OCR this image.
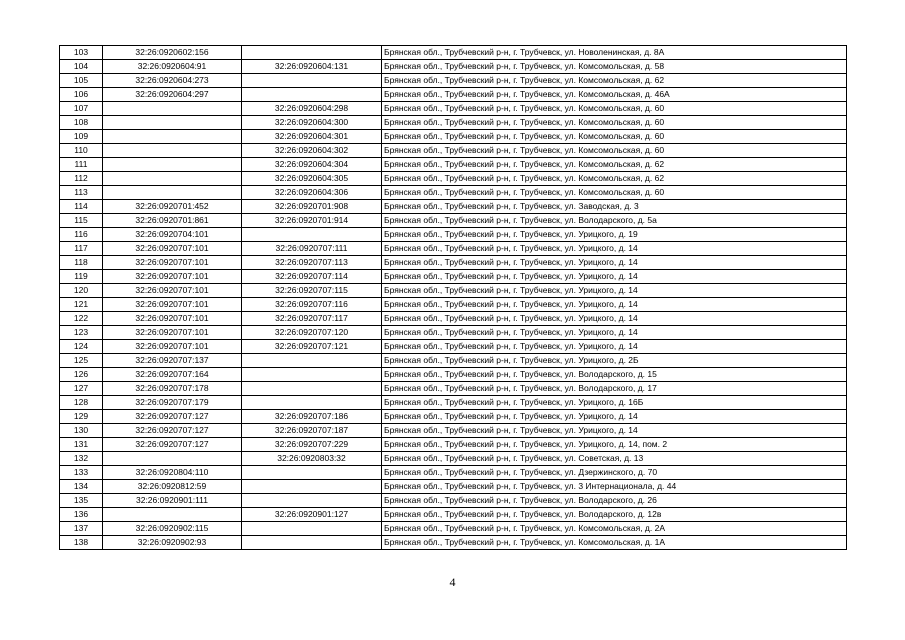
103	32:26:0920602:156		Брянская обл., Трубчевский р-н, г. Трубчевск, ул. Новоленинская, д. 8А
104	32:26:0920604:91	32:26:0920604:131	Брянская обл., Трубчевский р-н, г. Трубчевск, ул. Комсомольская, д. 58
105	32:26:0920604:273		Брянская обл., Трубчевский р-н, г. Трубчевск, ул. Комсомольская, д. 62
106	32:26:0920604:297		Брянская обл., Трубчевский р-н, г. Трубчевск, ул. Комсомольская, д. 46А
107		32:26:0920604:298	Брянская обл., Трубчевский р-н, г. Трубчевск, ул. Комсомольская, д. 60
108		32:26:0920604:300	Брянская обл., Трубчевский р-н, г. Трубчевск, ул. Комсомольская, д. 60
109		32:26:0920604:301	Брянская обл., Трубчевский р-н, г. Трубчевск, ул. Комсомольская, д. 60
110		32:26:0920604:302	Брянская обл., Трубчевский р-н, г. Трубчевск, ул. Комсомольская, д. 60
111		32:26:0920604:304	Брянская обл., Трубчевский р-н, г. Трубчевск, ул. Комсомольская, д. 62
112		32:26:0920604:305	Брянская обл., Трубчевский р-н, г. Трубчевск, ул. Комсомольская, д. 62
113		32:26:0920604:306	Брянская обл., Трубчевский р-н, г. Трубчевск, ул. Комсомольская, д. 60
114	32:26:0920701:452	32:26:0920701:908	Брянская обл., Трубчевский р-н, г. Трубчевск, ул. Заводская, д. 3
115	32:26:0920701:861	32:26:0920701:914	Брянская обл., Трубчевский р-н, г. Трубчевск, ул. Володарского, д. 5а
116	32:26:0920704:101		Брянская обл., Трубчевский р-н, г. Трубчевск, ул. Урицкого, д. 19
117	32:26:0920707:101	32:26:0920707:111	Брянская обл., Трубчевский р-н, г. Трубчевск, ул. Урицкого, д. 14
118	32:26:0920707:101	32:26:0920707:113	Брянская обл., Трубчевский р-н, г. Трубчевск, ул. Урицкого, д. 14
119	32:26:0920707:101	32:26:0920707:114	Брянская обл., Трубчевский р-н, г. Трубчевск, ул. Урицкого, д. 14
120	32:26:0920707:101	32:26:0920707:115	Брянская обл., Трубчевский р-н, г. Трубчевск, ул. Урицкого, д. 14
121	32:26:0920707:101	32:26:0920707:116	Брянская обл., Трубчевский р-н, г. Трубчевск, ул. Урицкого, д. 14
122	32:26:0920707:101	32:26:0920707:117	Брянская обл., Трубчевский р-н, г. Трубчевск, ул. Урицкого, д. 14
123	32:26:0920707:101	32:26:0920707:120	Брянская обл., Трубчевский р-н, г. Трубчевск, ул. Урицкого, д. 14
124	32:26:0920707:101	32:26:0920707:121	Брянская обл., Трубчевский р-н, г. Трубчевск, ул. Урицкого, д. 14
125	32:26:0920707:137		Брянская обл., Трубчевский р-н, г. Трубчевск, ул. Урицкого, д. 2Б
126	32:26:0920707:164		Брянская обл., Трубчевский р-н, г. Трубчевск, ул. Володарского, д. 15
127	32:26:0920707:178		Брянская обл., Трубчевский р-н, г. Трубчевск, ул. Володарского, д. 17
128	32:26:0920707:179		Брянская обл., Трубчевский р-н, г. Трубчевск, ул. Урицкого, д. 16Б
129	32:26:0920707:127	32:26:0920707:186	Брянская обл., Трубчевский р-н, г. Трубчевск, ул. Урицкого, д. 14
130	32:26:0920707:127	32:26:0920707:187	Брянская обл., Трубчевский р-н, г. Трубчевск, ул. Урицкого, д. 14
131	32:26:0920707:127	32:26:0920707:229	Брянская обл., Трубчевский р-н, г. Трубчевск, ул. Урицкого, д. 14, пом. 2
132		32:26:0920803:32	Брянская обл., Трубчевский р-н, г. Трубчевск, ул. Советская, д. 13
133	32:26:0920804:110		Брянская обл., Трубчевский р-н, г. Трубчевск, ул. Дзержинского, д. 70
134	32:26:0920812:59		Брянская обл., Трубчевский р-н, г. Трубчевск, ул. 3 Интернационала, д. 44
135	32:26:0920901:111		Брянская обл., Трубчевский р-н, г. Трубчевск, ул. Володарского, д. 26
136		32:26:0920901:127	Брянская обл., Трубчевский р-н, г. Трубчевск, ул. Володарского, д. 12в
137	32:26:0920902:115		Брянская обл., Трубчевский р-н, г. Трубчевск, ул. Комсомольская, д. 2А
138	32:26:0920902:93		Брянская обл., Трубчевский р-н, г. Трубчевск, ул. Комсомольская, д. 1А
4
